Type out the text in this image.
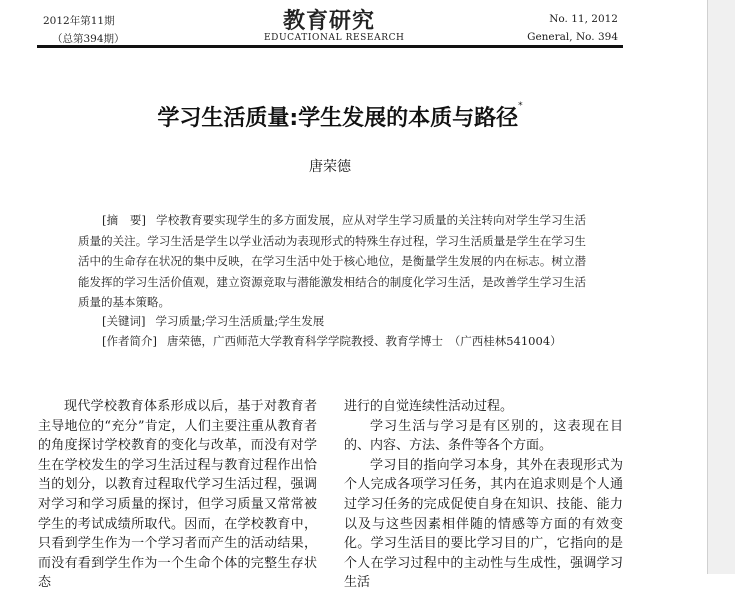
2012年第11期
（总第394期）
教育研究
EDUCATIONAL RESEARCH
No. 11, 2012
General, No. 394
学习生活质量:学生发展的本质与路径*
唐荣德
[摘　要] 学校教育要实现学生的多方面发展，应从对学生学习质量的关注转向对学生学习生活质量的关注。学习生活是学生以学业活动为表现形式的特殊生存过程，学习生活质量是学生在学习生活中的生命存在状况的集中反映，在学习生活中处于核心地位，是衡量学生发展的内在标志。树立潜能发挥的学习生活价值观，建立资源竞取与潜能激发相结合的制度化学习生活，是改善学生学习生活质量的基本策略。
[关键词] 学习质量;学习生活质量;学生发展
[作者简介] 唐荣德，广西师范大学教育科学学院教授、教育学博士　（广西桂林541004）

现代学校教育体系形成以后，基于对教育者主导地位的“充分”肯定，人们主要注重从教育者的角度探讨学校教育的变化与改革，而没有对学生在学校发生的学习生活过程与教育过程作出恰当的划分，以教育过程取代学习生活过程，强调对学习和学习质量的探讨，但学习质量又常常被学生的考试成绩所取代。因而，在学校教育中，只看到学生作为一个学习者而产生的活动结果，而没有看到学生作为一个生命个体的完整生存状态

进行的自觉连续性活动过程。

学习生活与学习是有区别的，这表现在目的、内容、方法、条件等各个方面。

学习目的指向学习本身，其外在表现形式为个人完成各项学习任务，其内在追求则是个人通过学习任务的完成促使自身在知识、技能、能力以及与这些因素相伴随的情感等方面的有效变化。学习生活目的要比学习目的广，它指向的是个人在学习过程中的主动性与生成性，强调学习生活
